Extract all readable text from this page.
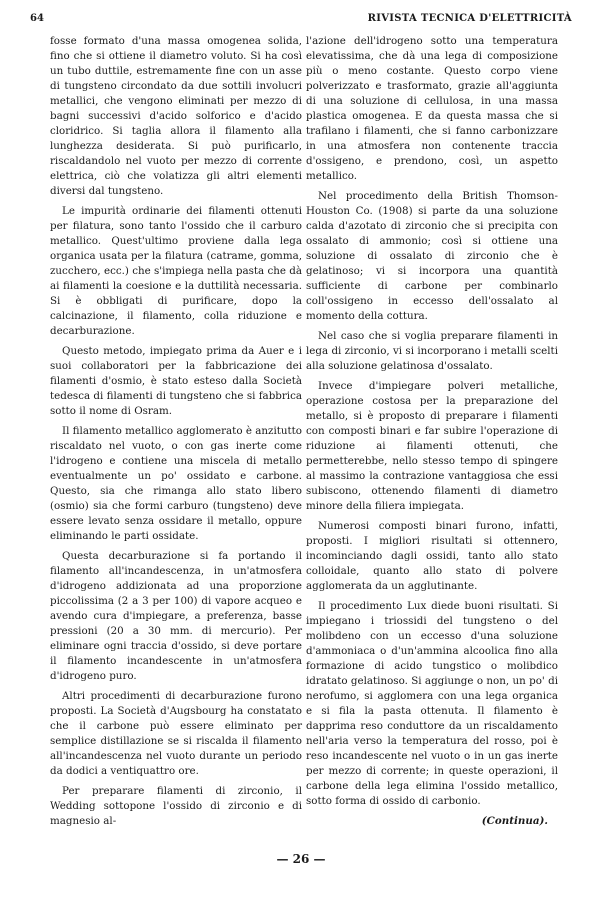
64	RIVISTA TECNICA D'ELETTRICITÀ

fosse formato d'una massa omogenea solida, fino che si ottiene il diametro voluto. Si ha così un tubo duttile, estremamente fine con un asse di tungsteno circondato da due sottili involucri metallici, che vengono eliminati per mezzo di bagni successivi d'acido solforico e d'acido cloridrico. Si taglia allora il filamento alla lunghezza desiderata. Si può purificarlo, riscaldandolo nel vuoto per mezzo di corrente elettrica, ciò che volatizza gli altri elementi diversi dal tungsteno.

Le impurità ordinarie dei filamenti ottenuti per filatura, sono tanto l'ossido che il carburo metallico. Quest'ultimo proviene dalla lega organica usata per la filatura (catrame, gomma, zucchero, ecc.) che s'impiega nella pasta che dà ai filamenti la coesione e la duttilità necessaria. Si è obbligati di purificare, dopo la calcinazione, il filamento, colla riduzione e decarburazione.

Questo metodo, impiegato prima da Auer e i suoi collaboratori per la fabbricazione dei filamenti d'osmio, è stato esteso dalla Società tedesca di filamenti di tungsteno che si fabbrica sotto il nome di Osram.

Il filamento metallico agglomerato è anzitutto riscaldato nel vuoto, o con gas inerte come l'idrogeno e contiene una miscela di metallo eventualmente un po' ossidato e carbone. Questo, sia che rimanga allo stato libero (osmio) sia che formi carburo (tungsteno) deve essere levato senza ossidare il metallo, oppure eliminando le parti ossidate.

Questa decarburazione si fa portando il filamento all'incandescenza, in un'atmosfera d'idrogeno addizionata ad una proporzione piccolissima (2 a 3 per 100) di vapore acqueo e avendo cura d'impiegare, a preferenza, basse pressioni (20 a 30 mm. di mercurio). Per eliminare ogni traccia d'ossido, si deve portare il filamento incandescente in un'atmosfera d'idrogeno puro.

Altri procedimenti di decarburazione furono proposti. La Società d'Augsbourg ha constatato che il carbone può essere eliminato per semplice distillazione se si riscalda il filamento all'incandescenza nel vuoto durante un periodo da dodici a ventiquattro ore.

Per preparare filamenti di zirconio, il Wedding sottopone l'ossido di zirconio e di magnesio al-

l'azione dell'idrogeno sotto una temperatura elevatissima, che dà una lega di composizione più o meno costante. Questo corpo viene polverizzato e trasformato, grazie all'aggiunta di una soluzione di cellulosa, in una massa plastica omogenea. E da questa massa che si trafilano i filamenti, che si fanno carbonizzare in una atmosfera non contenente traccia d'ossigeno, e prendono, così, un aspetto metallico.

Nel procedimento della British Thomson-Houston Co. (1908) si parte da una soluzione calda d'azotato di zirconio che si precipita con ossalato di ammonio; così si ottiene una soluzione di ossalato di zirconio che è gelatinoso; vi si incorpora una quantità sufficiente di carbone per combinarlo coll'ossigeno in eccesso dell'ossalato al momento della cottura.

Nel caso che si voglia preparare filamenti in lega di zirconio, vi si incorporano i metalli scelti alla soluzione gelatinosa d'ossalato.

Invece d'impiegare polveri metalliche, operazione costosa per la preparazione del metallo, si è proposto di preparare i filamenti con composti binari e far subire l'operazione di riduzione ai filamenti ottenuti, che permetterebbe, nello stesso tempo di spingere al massimo la contrazione vantaggiosa che essi subiscono, ottenendo filamenti di diametro minore della filiera impiegata.

Numerosi composti binari furono, infatti, proposti. I migliori risultati si ottennero, incominciando dagli ossidi, tanto allo stato colloidale, quanto allo stato di polvere agglomerata da un agglutinante.

Il procedimento Lux diede buoni risultati. Si impiegano i triossidi del tungsteno o del molibdeno con un eccesso d'una soluzione d'ammoniaca o d'un'ammina alcoolica fino alla formazione di acido tungstico o molibdico idratato gelatinoso. Si aggiunge o non, un po' di nerofumo, si agglomera con una lega organica e si fila la pasta ottenuta. Il filamento è dapprima reso conduttore da un riscaldamento nell'aria verso la temperatura del rosso, poi è reso incandescente nel vuoto o in un gas inerte per mezzo di corrente; in queste operazioni, il carbone della lega elimina l'ossido metallico, sotto forma di ossido di carbonio.

(Continua).

— 26 —
